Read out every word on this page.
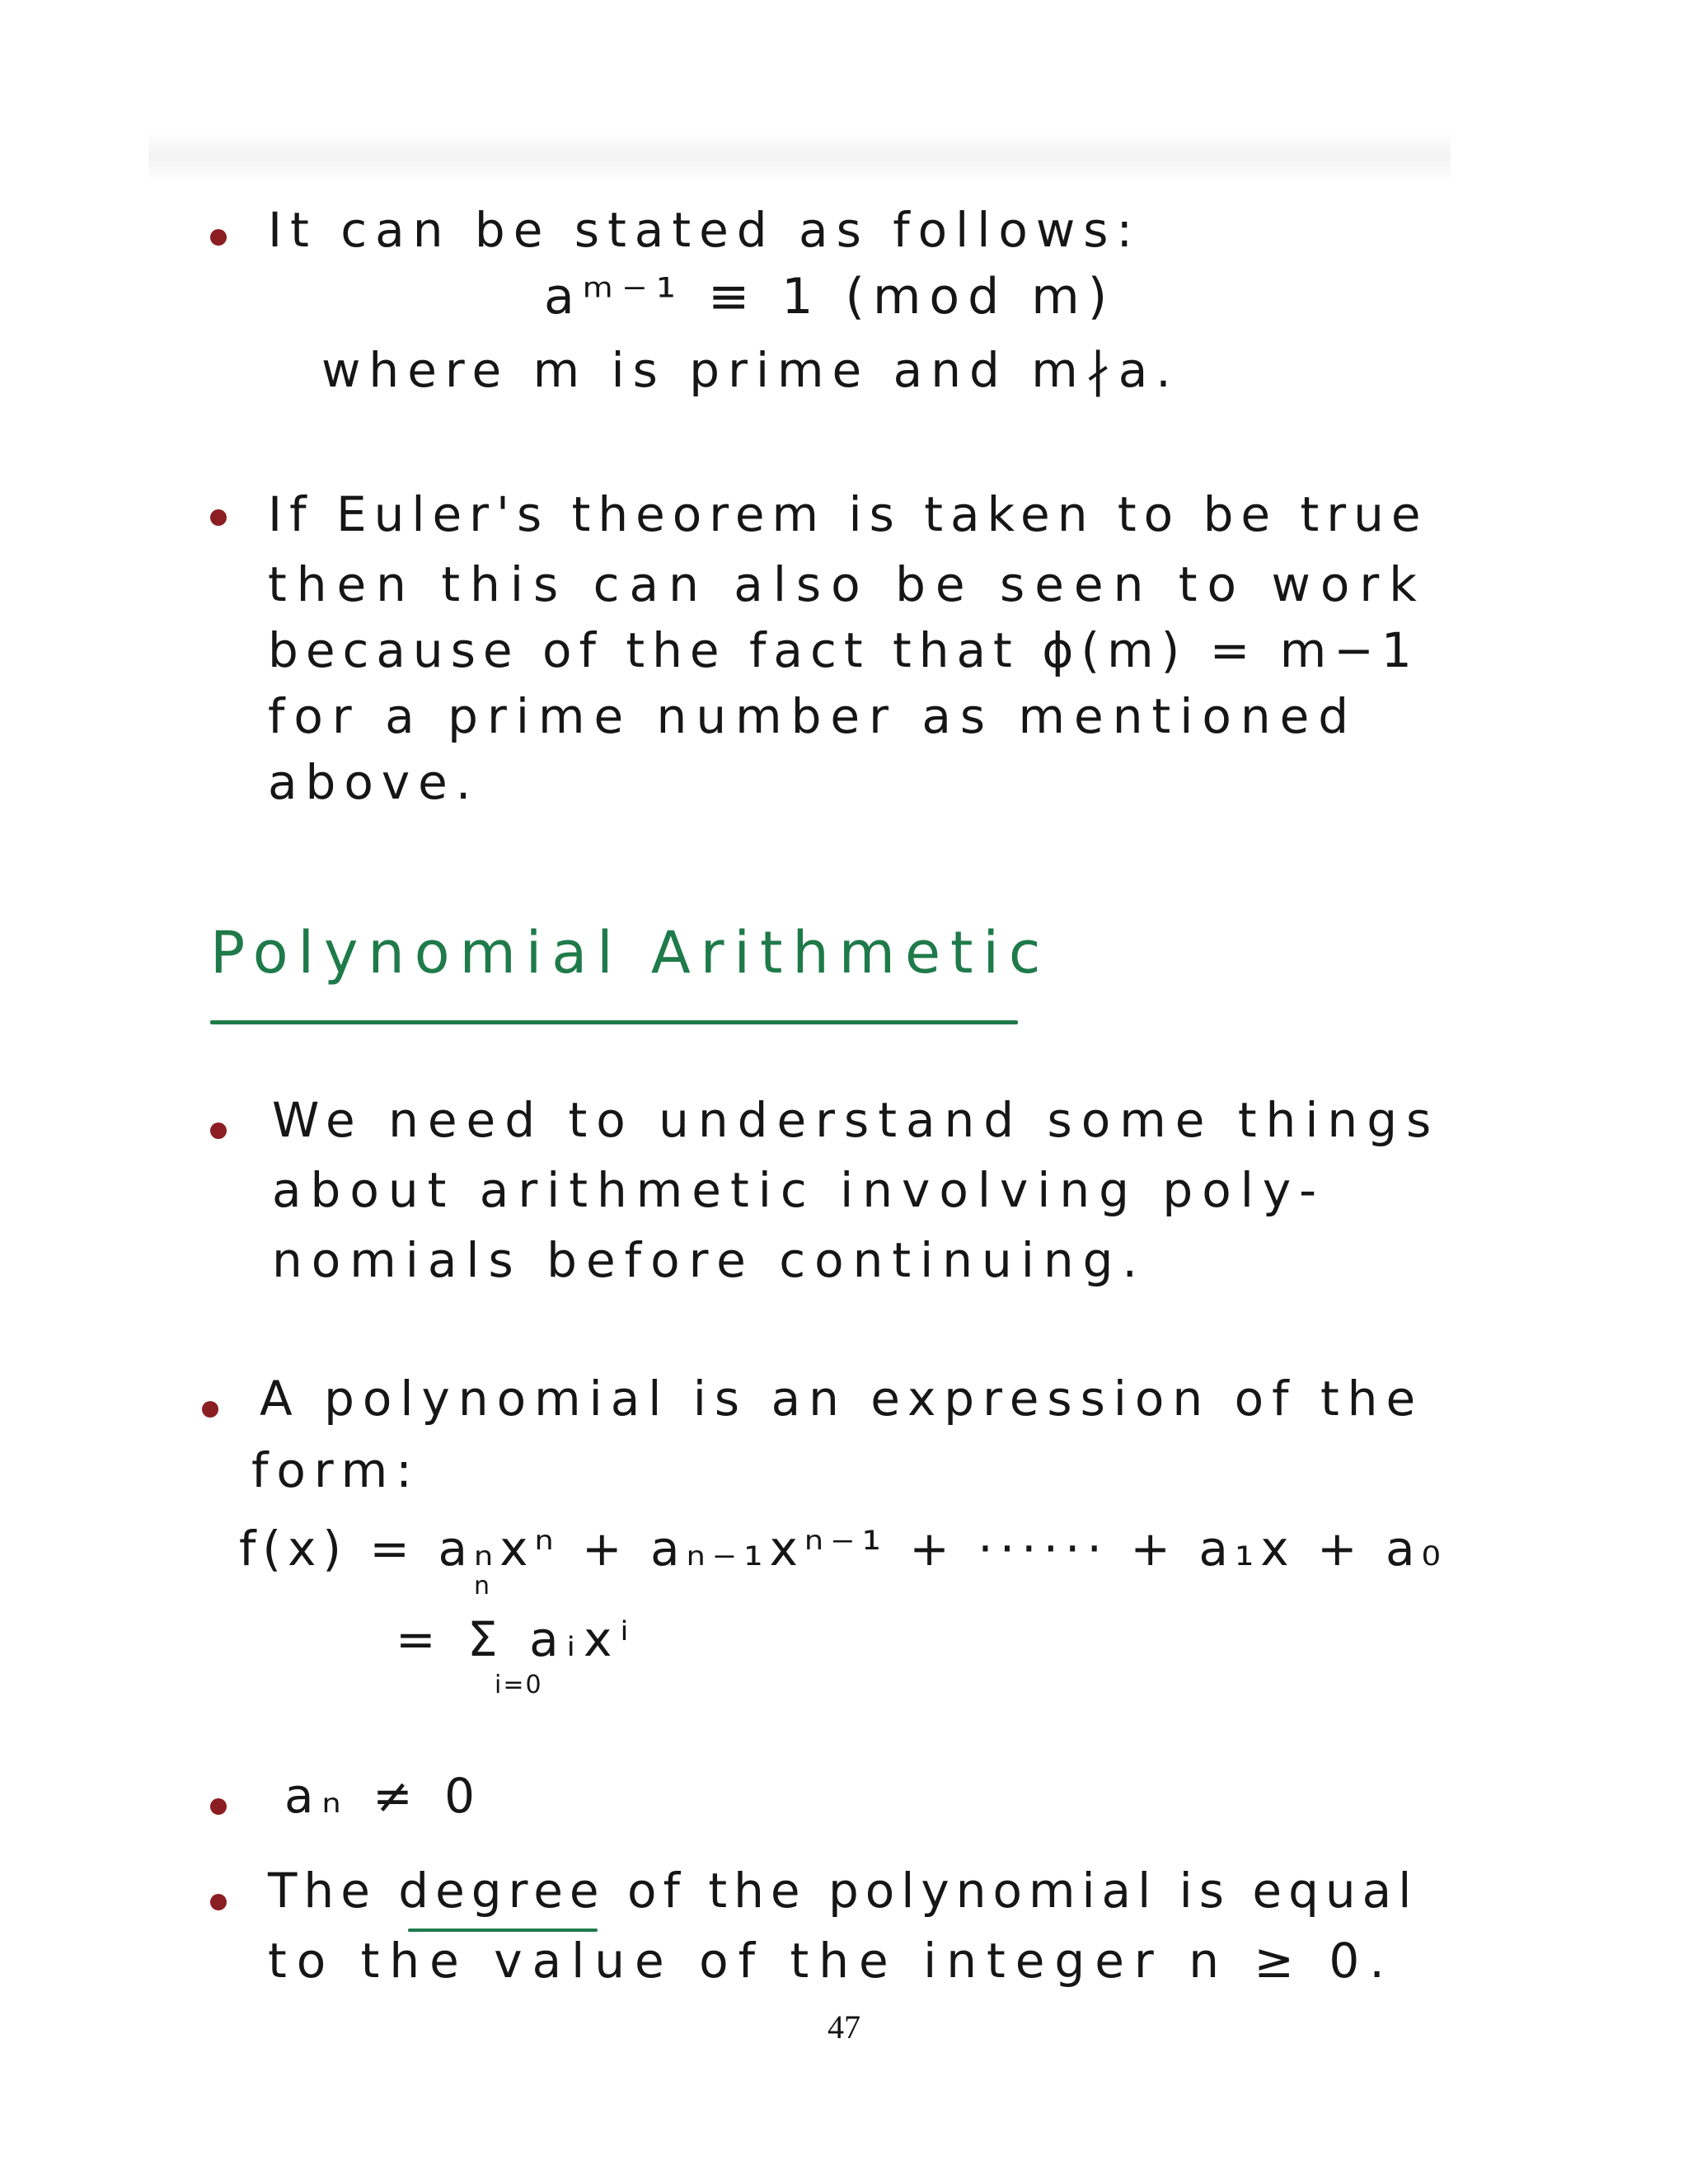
It can be stated as follows:
aᵐ⁻¹ ≡ 1 (mod m)
where m is prime and m∤a.
If Euler's theorem is taken to be true
then this can also be seen to work
because of the fact that ϕ(m) = m−1
for a prime number as mentioned
above.
Polynomial Arithmetic
We need to understand some things
about arithmetic involving poly-
nomials before continuing.
A polynomial is an expression of the
form:
f(x) = aₙxⁿ + aₙ₋₁xⁿ⁻¹ + ······ + a₁x + a₀
= Σ aᵢxⁱ
n
i=0
aₙ ≠ 0
The degree of the polynomial is equal
to the value of the integer n ≥ 0.
47
